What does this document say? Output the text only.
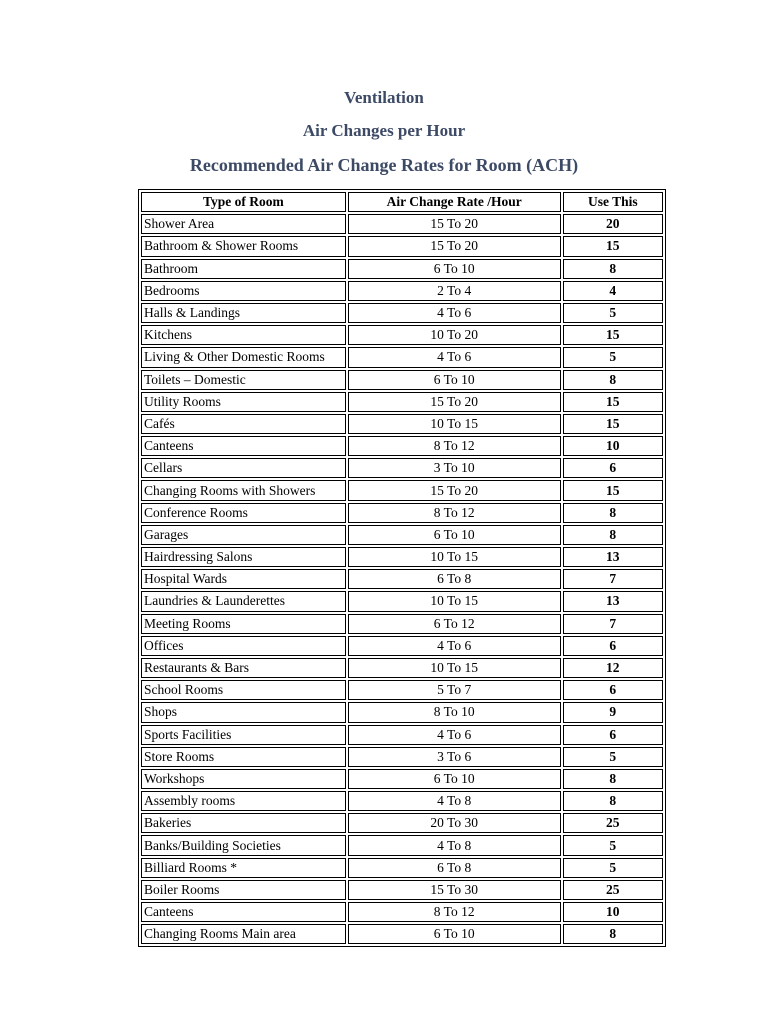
Ventilation

Air Changes per Hour

Recommended Air Change Rates for Room (ACH)

Type of Room	Air Change Rate /Hour	Use This
Shower Area	15 To 20	20
Bathroom & Shower Rooms	15 To 20	15
Bathroom	6 To 10	8
Bedrooms	2 To 4	4
Halls & Landings	4 To 6	5
Kitchens	10 To 20	15
Living & Other Domestic Rooms	4 To 6	5
Toilets – Domestic	6 To 10	8
Utility Rooms	15 To 20	15
Cafés	10 To 15	15
Canteens	8 To 12	10
Cellars	3 To 10	6
Changing Rooms with Showers	15 To 20	15
Conference Rooms	8 To 12	8
Garages	6 To 10	8
Hairdressing Salons	10 To 15	13
Hospital Wards	6 To 8	7
Laundries & Launderettes	10 To 15	13
Meeting Rooms	6 To 12	7
Offices	4 To 6	6
Restaurants & Bars	10 To 15	12
School Rooms	5 To 7	6
Shops	8 To 10	9
Sports Facilities	4 To 6	6
Store Rooms	3 To 6	5
Workshops	6 To 10	8
Assembly rooms	4 To 8	8
Bakeries	20 To 30	25
Banks/Building Societies	4 To 8	5
Billiard Rooms *	6 To 8	5
Boiler Rooms	15 To 30	25
Canteens	8 To 12	10
Changing Rooms Main area	6 To 10	8
